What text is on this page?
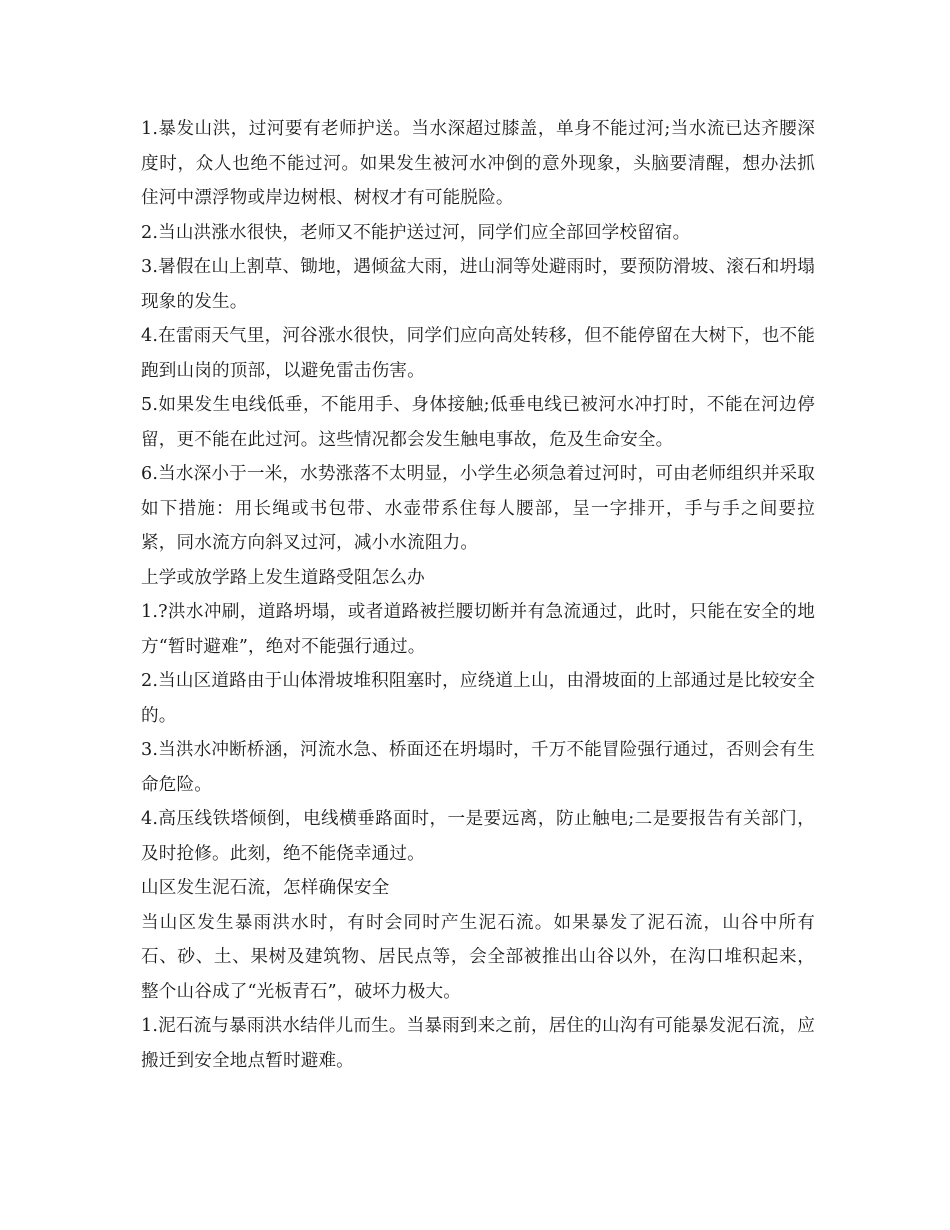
1.暴发山洪，过河要有老师护送。当水深超过膝盖，单身不能过河;当水流已达齐腰深度时，众人也绝不能过河。如果发生被河水冲倒的意外现象，头脑要清醒，想办法抓住河中漂浮物或岸边树根、树杈才有可能脱险。

2.当山洪涨水很快，老师又不能护送过河，同学们应全部回学校留宿。

3.暑假在山上割草、锄地，遇倾盆大雨，进山洞等处避雨时，要预防滑坡、滚石和坍塌现象的发生。

4.在雷雨天气里，河谷涨水很快，同学们应向高处转移，但不能停留在大树下，也不能跑到山岗的顶部，以避免雷击伤害。

5.如果发生电线低垂，不能用手、身体接触;低垂电线已被河水冲打时，不能在河边停留，更不能在此过河。这些情况都会发生触电事故，危及生命安全。

6.当水深小于一米，水势涨落不太明显，小学生必须急着过河时，可由老师组织并采取如下措施：用长绳或书包带、水壶带系住每人腰部，呈一字排开，手与手之间要拉紧，同水流方向斜叉过河，减小水流阻力。

上学或放学路上发生道路受阻怎么办

1.?洪水冲刷，道路坍塌，或者道路被拦腰切断并有急流通过，此时，只能在安全的地方“暂时避难”，绝对不能强行通过。

2.当山区道路由于山体滑坡堆积阻塞时，应绕道上山，由滑坡面的上部通过是比较安全的。

3.当洪水冲断桥涵，河流水急、桥面还在坍塌时，千万不能冒险强行通过，否则会有生命危险。

4.高压线铁塔倾倒，电线横垂路面时，一是要远离，防止触电;二是要报告有关部门，及时抢修。此刻，绝不能侥幸通过。

山区发生泥石流，怎样确保安全

当山区发生暴雨洪水时，有时会同时产生泥石流。如果暴发了泥石流，山谷中所有石、砂、土、果树及建筑物、居民点等，会全部被推出山谷以外，在沟口堆积起来，整个山谷成了“光板青石”，破坏力极大。

1.泥石流与暴雨洪水结伴儿而生。当暴雨到来之前，居住的山沟有可能暴发泥石流，应搬迁到安全地点暂时避难。
